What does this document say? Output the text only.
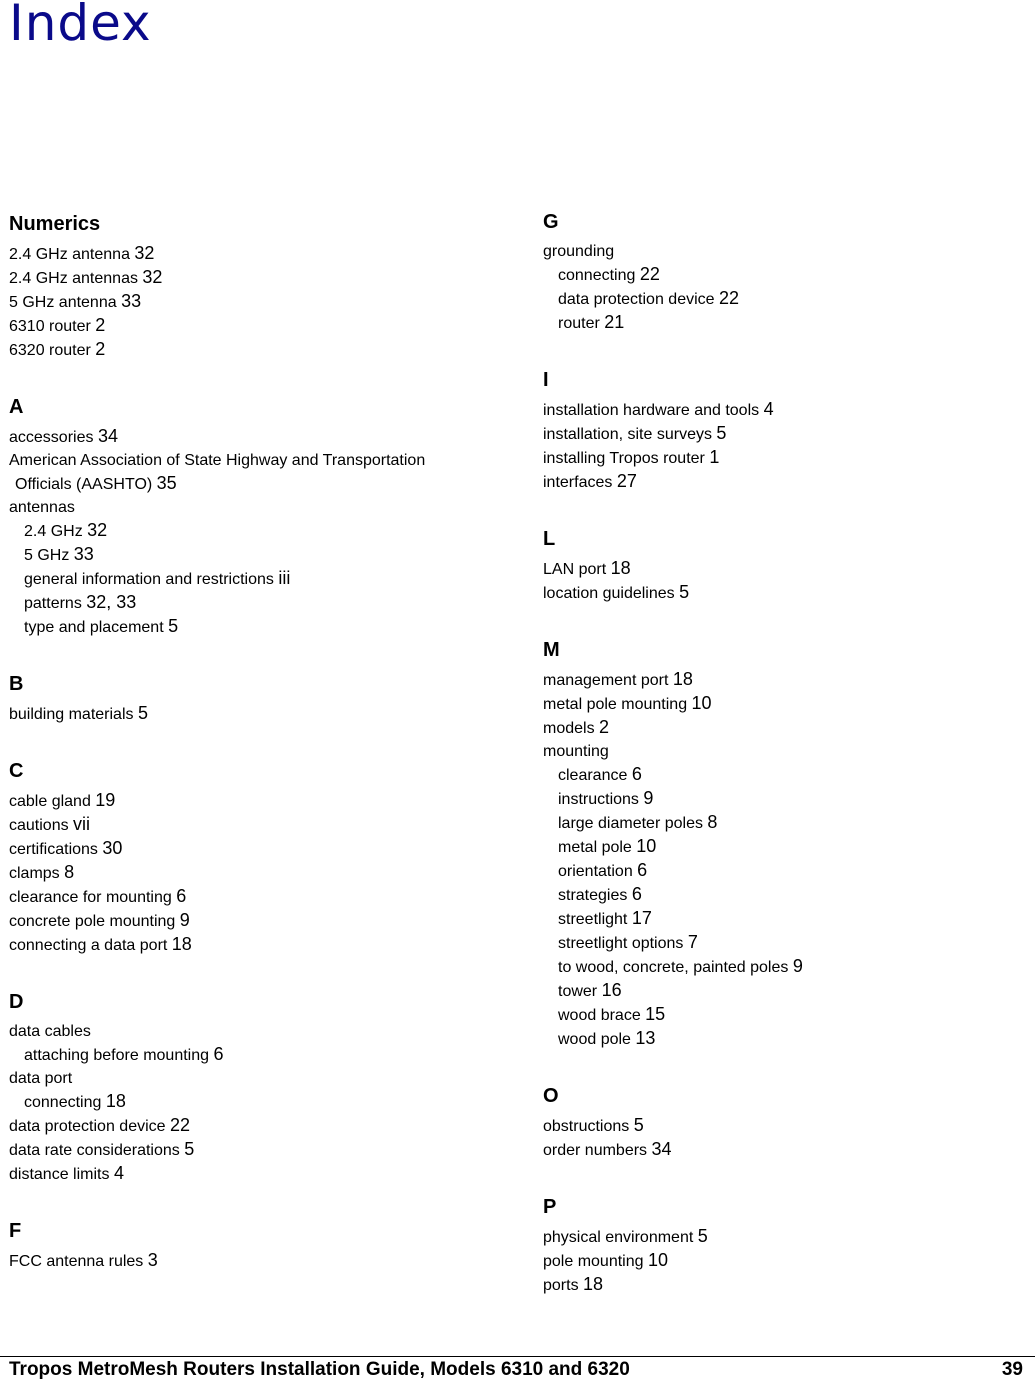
Index
Numerics
2.4 GHz antenna 32
2.4 GHz antennas 32
5 GHz antenna 33
6310 router 2
6320 router 2
A
accessories 34
American Association of State Highway and Transportation
Officials (AASHTO) 35
antennas
2.4 GHz 32
5 GHz 33
general information and restrictions iii
patterns 32, 33
type and placement 5
B
building materials 5
C
cable gland 19
cautions vii
certifications 30
clamps 8
clearance for mounting 6
concrete pole mounting 9
connecting a data port 18
D
data cables
attaching before mounting 6
data port
connecting 18
data protection device 22
data rate considerations 5
distance limits 4
F
FCC antenna rules 3
G
grounding
connecting 22
data protection device 22
router 21
I
installation hardware and tools 4
installation, site surveys 5
installing Tropos router 1
interfaces 27
L
LAN port 18
location guidelines 5
M
management port 18
metal pole mounting 10
models 2
mounting
clearance 6
instructions 9
large diameter poles 8
metal pole 10
orientation 6
strategies 6
streetlight 17
streetlight options 7
to wood, concrete, painted poles 9
tower 16
wood brace 15
wood pole 13
O
obstructions 5
order numbers 34
P
physical environment 5
pole mounting 10
ports 18
Tropos MetroMesh Routers Installation Guide, Models 6310 and 6320	39
